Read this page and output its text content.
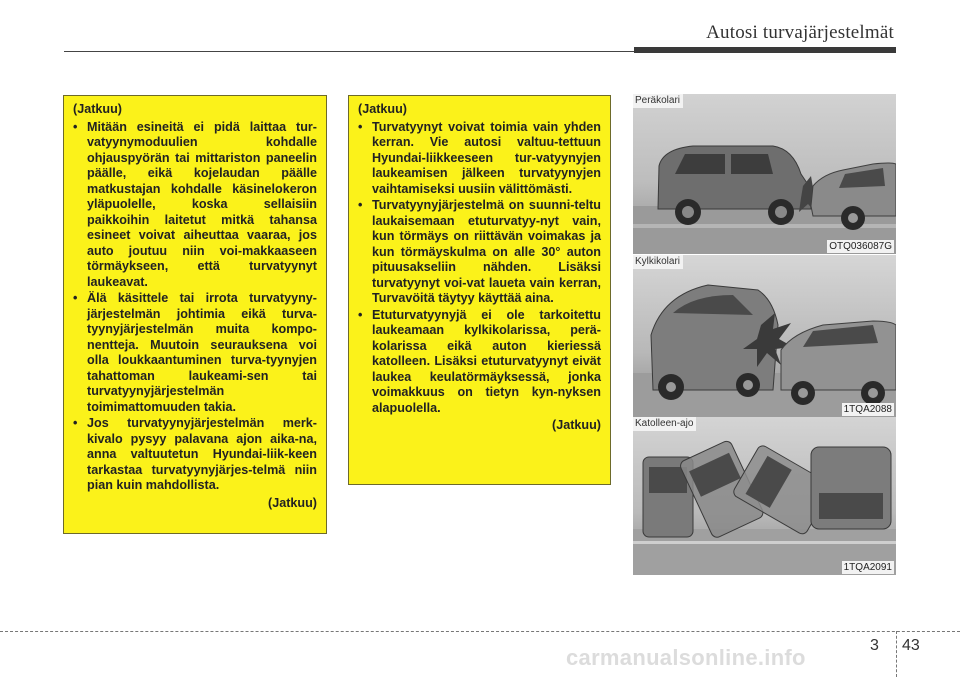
Autosi turvajärjestelmät
(Jatkuu)
• Mitään esineitä ei pidä laittaa tur-vatyynymoduulien kohdalle ohjauspyörän tai mittariston paneelin päälle, eikä kojelaudan päälle matkustajan kohdalle käsinelokeron yläpuolelle, koska sellaisiin paikkoihin laitetut mitkä tahansa esineet voivat aiheuttaa vaaraa, jos auto joutuu niin voi-makkaaseen törmäykseen, että turvatyynyt laukeavat.
• Älä käsittele tai irrota turvatyyny-järjestelmän johtimia eikä turva-tyynyjärjestelmän muita kompo-nentteja. Muutoin seurauksena voi olla loukkaantuminen turva-tyynyjen tahattoman laukeami-sen tai turvatyynyjärjestelmän toimimattomuuden takia.
• Jos turvatyynyjärjestelmän merk-kivalo pysyy palavana ajon aika-na, anna valtuutetun Hyundai-liik-keen tarkastaa turvatyynyjärjes-telmä niin pian kuin mahdollista.
(Jatkuu)
(Jatkuu)
• Turvatyynyt voivat toimia vain yhden kerran. Vie autosi valtuu-tettuun Hyundai-liikkeeseen tur-vatyynyjen laukeamisen jälkeen turvatyynyjen vaihtamiseksi uusiin välittömästi.
• Turvatyynyjärjestelmä on suunni-teltu laukaisemaan etuturvatyy-nyt vain, kun törmäys on riittävän voimakas ja kun törmäyskulma on alle 30° auton pituusakseliin nähden. Lisäksi turvatyynyt voi-vat laueta vain kerran, Turvavöitä täytyy käyttää aina.
• Etuturvatyynyjä ei ole tarkoitettu laukeamaan kylkikolarissa, perä-kolarissa eikä auton kieriessä katolleen. Lisäksi etuturvatyynyt eivät laukea keulatörmäyksessä, jonka voimakkuus on tietyn kyn-nyksen alapuolella.
(Jatkuu)
Peräkolari
OTQ036087G
Kylkikolari
1TQA2088
Katolleen-ajo
1TQA2091
3 43
carmanualsonline.info
